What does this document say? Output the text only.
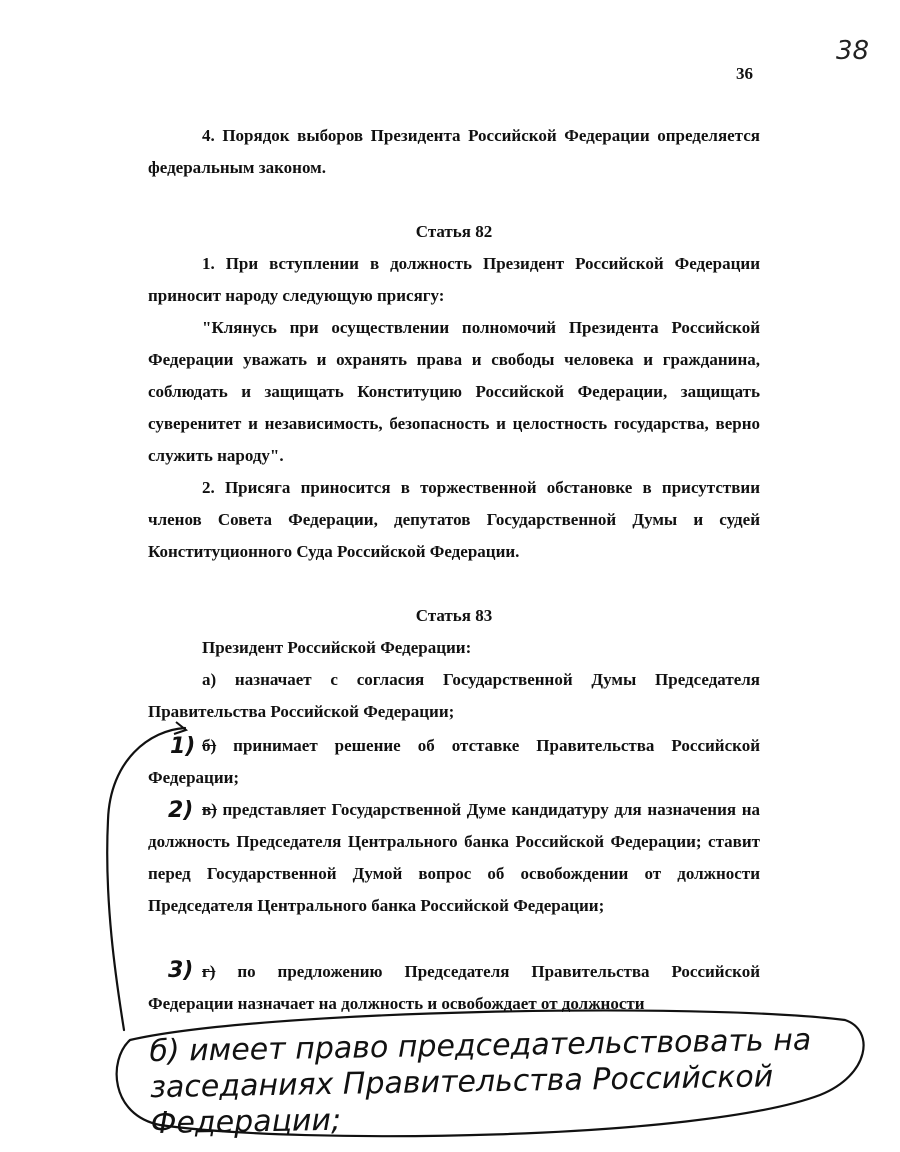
36
38

4. Порядок выборов Президента Российской Федерации определяется федеральным законом.

Статья 82

1. При вступлении в должность Президент Российской Федерации приносит народу следующую присягу:

"Клянусь при осуществлении полномочий Президента Российской Федерации уважать и охранять права и свободы человека и гражданина, соблюдать и защищать Конституцию Российской Федерации, защищать суверенитет и независимость, безопасность и целостность государства, верно служить народу".

2. Присяга приносится в торжественной обстановке в присутствии членов Совета Федерации, депутатов Государственной Думы и судей Конституционного Суда Российской Федерации.

Статья 83

Президент Российской Федерации:

а) назначает с согласия Государственной Думы Председателя Правительства Российской Федерации;

б) принимает решение об отставке Правительства Российской Федерации;

в) представляет Государственной Думе кандидатуру для назначения на должность Председателя Центрального банка Российской Федерации; ставит перед Государственной Думой вопрос об освобождении от должности Председателя Центрального банка Российской Федерации;

г) по предложению Председателя Правительства Российской Федерации назначает на должность и освобождает от должности

1)
2)
3)
б) имеет право председательствовать на заседаниях Правительства Российской Федерации;
